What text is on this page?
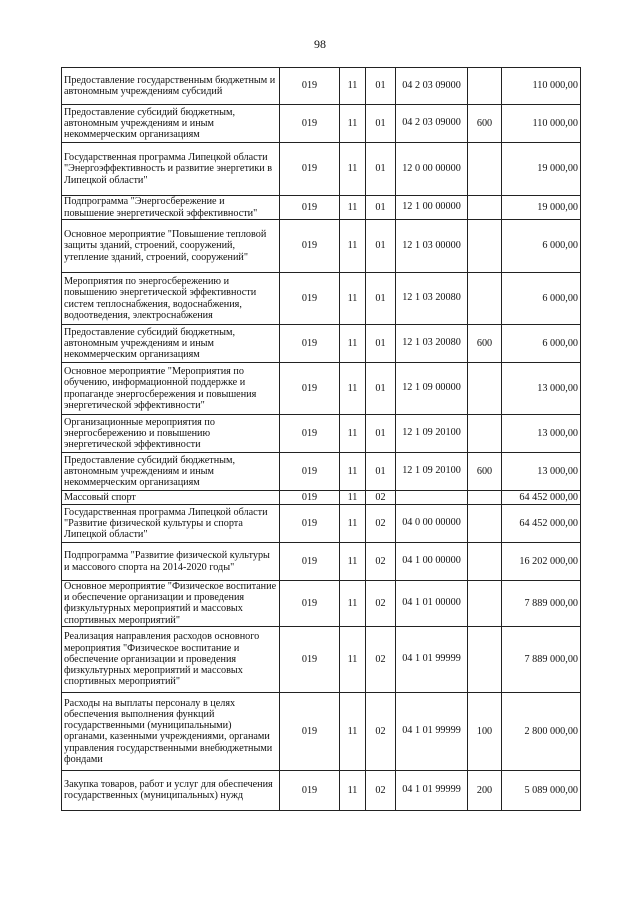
98
Предоставление государственным бюджетным и автономным учреждениям субсидий	019	11	01	04 2 03 09000		110 000,00
Предоставление субсидий бюджетным, автономным учреждениям и иным некоммерческим организациям	019	11	01	04 2 03 09000	600	110 000,00
Государственная программа Липецкой области "Энергоэффективность и развитие энергетики в Липецкой области"	019	11	01	12 0 00 00000		19 000,00
Подпрограмма "Энергосбережение и повышение энергетической эффективности"	019	11	01	12 1 00 00000		19 000,00
Основное мероприятие "Повышение тепловой защиты зданий, строений, сооружений, утепление зданий, строений, сооружений"	019	11	01	12 1 03 00000		6 000,00
Мероприятия по энергосбережению и повышению энергетической эффективности систем теплоснабжения, водоснабжения, водоотведения, электроснабжения	019	11	01	12 1 03 20080		6 000,00
Предоставление субсидий бюджетным, автономным учреждениям и иным некоммерческим организациям	019	11	01	12 1 03 20080	600	6 000,00
Основное мероприятие "Мероприятия по обучению, информационной поддержке и пропаганде энергосбережения и повышения энергетической эффективности"	019	11	01	12 1 09 00000		13 000,00
Организационные мероприятия по энергосбережению и повышению энергетической эффективности	019	11	01	12 1 09 20100		13 000,00
Предоставление субсидий бюджетным, автономным учреждениям и иным некоммерческим организациям	019	11	01	12 1 09 20100	600	13 000,00
Массовый спорт	019	11	02			64 452 000,00
Государственная программа Липецкой области "Развитие физической культуры и спорта Липецкой области"	019	11	02	04 0 00 00000		64 452 000,00
Подпрограмма "Развитие физической культуры и массового спорта на 2014-2020 годы"	019	11	02	04 1 00 00000		16 202 000,00
Основное мероприятие "Физическое воспитание и обеспечение организации и проведения физкультурных мероприятий и массовых спортивных мероприятий"	019	11	02	04 1 01 00000		7 889 000,00
Реализация направления расходов основного мероприятия "Физическое воспитание и обеспечение организации и проведения физкультурных мероприятий и массовых спортивных мероприятий"	019	11	02	04 1 01 99999		7 889 000,00
Расходы на выплаты персоналу в целях обеспечения выполнения функций государственными (муниципальными) органами, казенными учреждениями, органами управления государственными внебюджетными фондами	019	11	02	04 1 01 99999	100	2 800 000,00
Закупка товаров, работ и услуг для обеспечения государственных (муниципальных) нужд	019	11	02	04 1 01 99999	200	5 089 000,00
